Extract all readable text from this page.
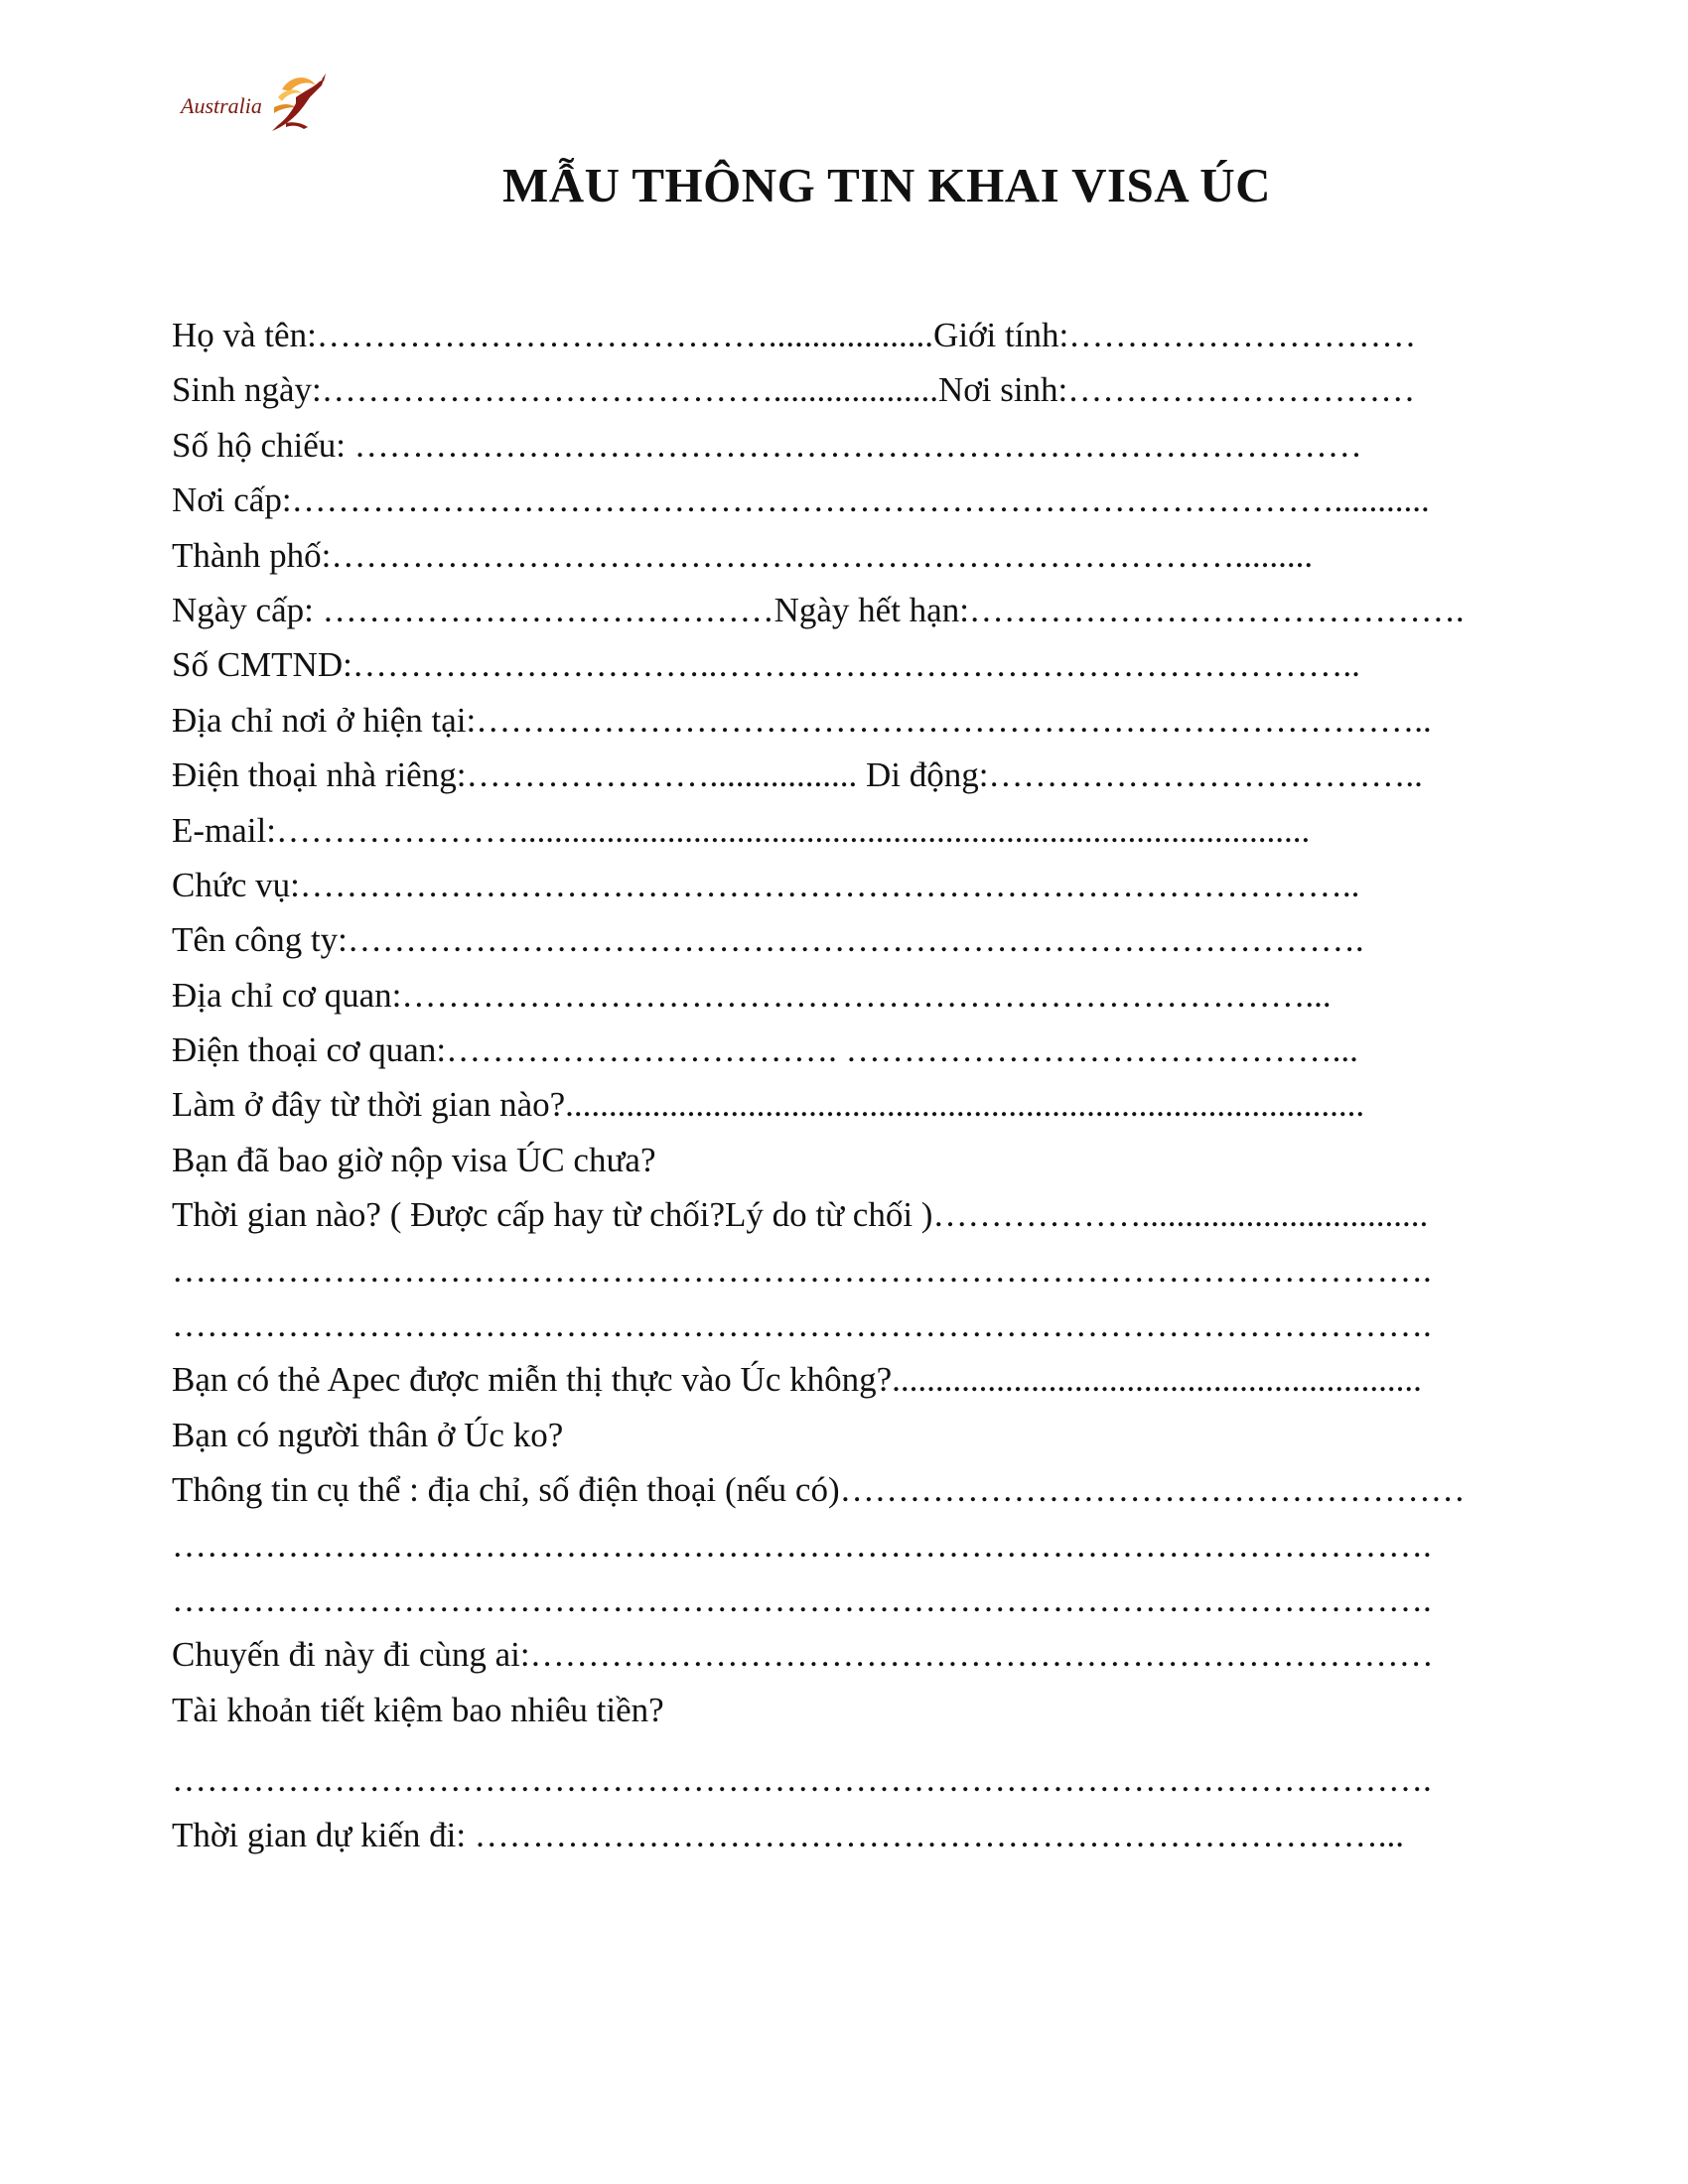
Australia
MẪU THÔNG TIN KHAI VISA ÚC
Họ và tên:…………………………………...................Giới tính:…………………………
Sinh ngày:…………………………………...................Nơi sinh:…………………………
Số hộ chiếu: ……………………………………………………………………………
Nơi cấp:………………………………………………………………………………...........
Thành phố:…………………………………………………………………….........
Ngày cấp: …………………………………Ngày hết hạn:…………………………………….
Số CMTND:…………………………..………………………………………………..
Địa chỉ nơi ở hiện tại:………………………………………………………………………..
Điện thoại nhà riêng:…………………................. Di động:………………………………..
E-mail:…………………...........................................................................................
Chức vụ:………………………………………………………………………………..
Tên công ty:…………………………………………………………………………….
Địa chỉ cơ quan:……………………………………………………………………...
Điện thoại cơ quan:……………………………. ……………………………………...
Làm ở đây từ thời gian nào?............................................................................................
Bạn đã bao giờ nộp visa ÚC chưa?
Thời gian nào? ( Được cấp hay từ chối?Lý do từ chối )……………….................................
……………………………………………………………………………………………….
……………………………………………………………………………………………….
Bạn có thẻ Apec được miễn thị thực vào Úc không?.............................................................
Bạn có người thân ở Úc ko?
Thông tin cụ thể : địa chỉ, số điện thoại (nếu có)………………………………………………
……………………………………………………………………………………………….
……………………………………………………………………………………………….
Chuyến đi này đi cùng ai:……………………………………………………………………
Tài khoản tiết kiệm bao nhiêu tiền?
……………………………………………………………………………………………….
Thời gian dự kiến đi: ……………………………………………………………………...
